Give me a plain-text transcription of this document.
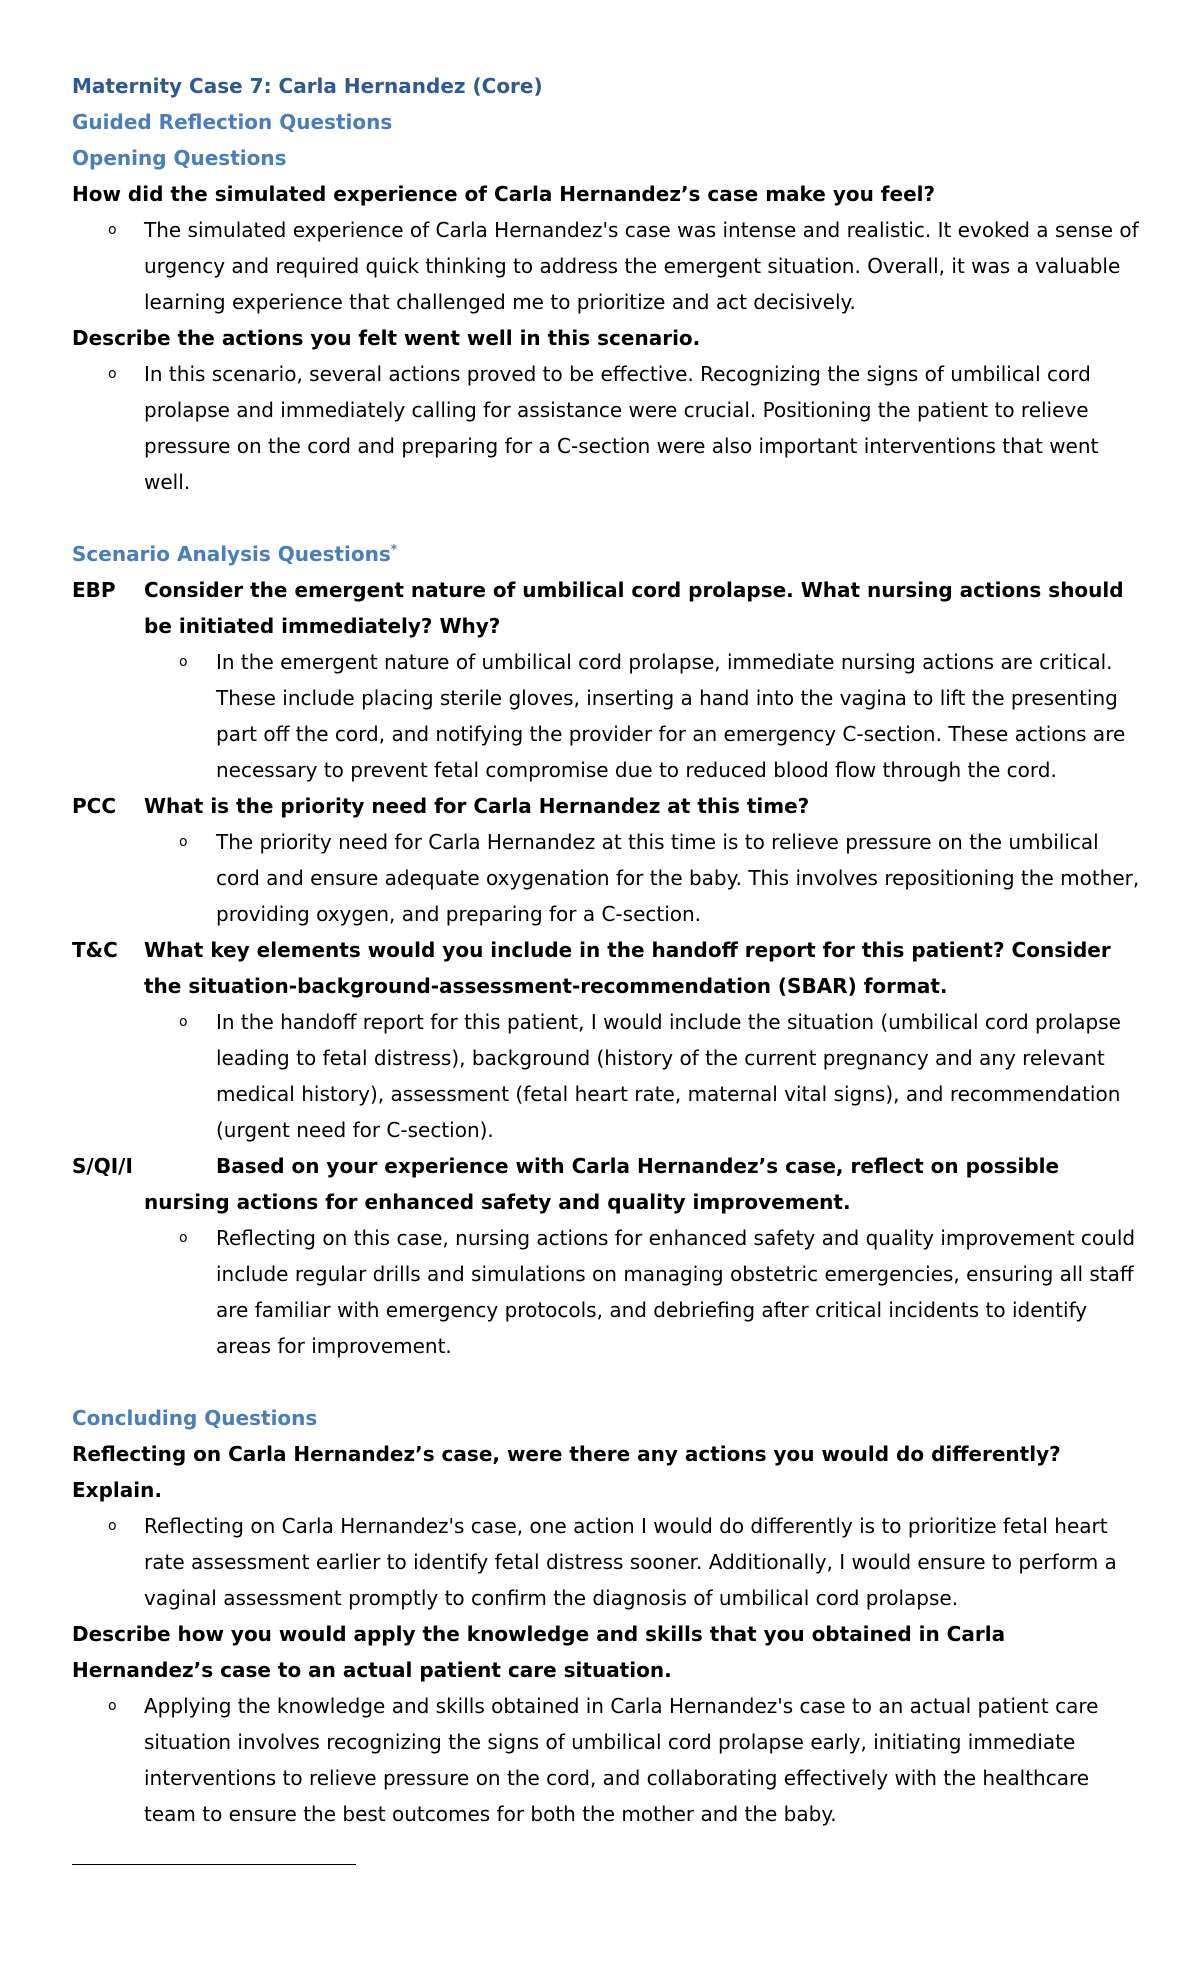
Maternity Case 7: Carla Hernandez (Core)

Guided Reflection Questions

Opening Questions

How did the simulated experience of Carla Hernandez’s case make you feel?

o The simulated experience of Carla Hernandez's case was intense and realistic. It evoked a sense of urgency and required quick thinking to address the emergent situation. Overall, it was a valuable learning experience that challenged me to prioritize and act decisively.

Describe the actions you felt went well in this scenario.

o In this scenario, several actions proved to be effective. Recognizing the signs of umbilical cord prolapse and immediately calling for assistance were crucial. Positioning the patient to relieve pressure on the cord and preparing for a C-section were also important interventions that went well.

Scenario Analysis Questions*

EBP Consider the emergent nature of umbilical cord prolapse. What nursing actions should be initiated immediately? Why?

o In the emergent nature of umbilical cord prolapse, immediate nursing actions are critical. These include placing sterile gloves, inserting a hand into the vagina to lift the presenting part off the cord, and notifying the provider for an emergency C-section. These actions are necessary to prevent fetal compromise due to reduced blood flow through the cord.

PCC What is the priority need for Carla Hernandez at this time?

o The priority need for Carla Hernandez at this time is to relieve pressure on the umbilical cord and ensure adequate oxygenation for the baby. This involves repositioning the mother, providing oxygen, and preparing for a C-section.

T&C What key elements would you include in the handoff report for this patient? Consider the situation-background-assessment-recommendation (SBAR) format.

o In the handoff report for this patient, I would include the situation (umbilical cord prolapse leading to fetal distress), background (history of the current pregnancy and any relevant medical history), assessment (fetal heart rate, maternal vital signs), and recommendation (urgent need for C-section).

S/QI/I	Based on your experience with Carla Hernandez’s case, reflect on possible nursing actions for enhanced safety and quality improvement.

o Reflecting on this case, nursing actions for enhanced safety and quality improvement could include regular drills and simulations on managing obstetric emergencies, ensuring all staff are familiar with emergency protocols, and debriefing after critical incidents to identify areas for improvement.

Concluding Questions

Reflecting on Carla Hernandez’s case, were there any actions you would do differently? Explain.

o Reflecting on Carla Hernandez's case, one action I would do differently is to prioritize fetal heart rate assessment earlier to identify fetal distress sooner. Additionally, I would ensure to perform a vaginal assessment promptly to confirm the diagnosis of umbilical cord prolapse.

Describe how you would apply the knowledge and skills that you obtained in Carla Hernandez’s case to an actual patient care situation.

o Applying the knowledge and skills obtained in Carla Hernandez's case to an actual patient care situation involves recognizing the signs of umbilical cord prolapse early, initiating immediate interventions to relieve pressure on the cord, and collaborating effectively with the healthcare team to ensure the best outcomes for both the mother and the baby.
